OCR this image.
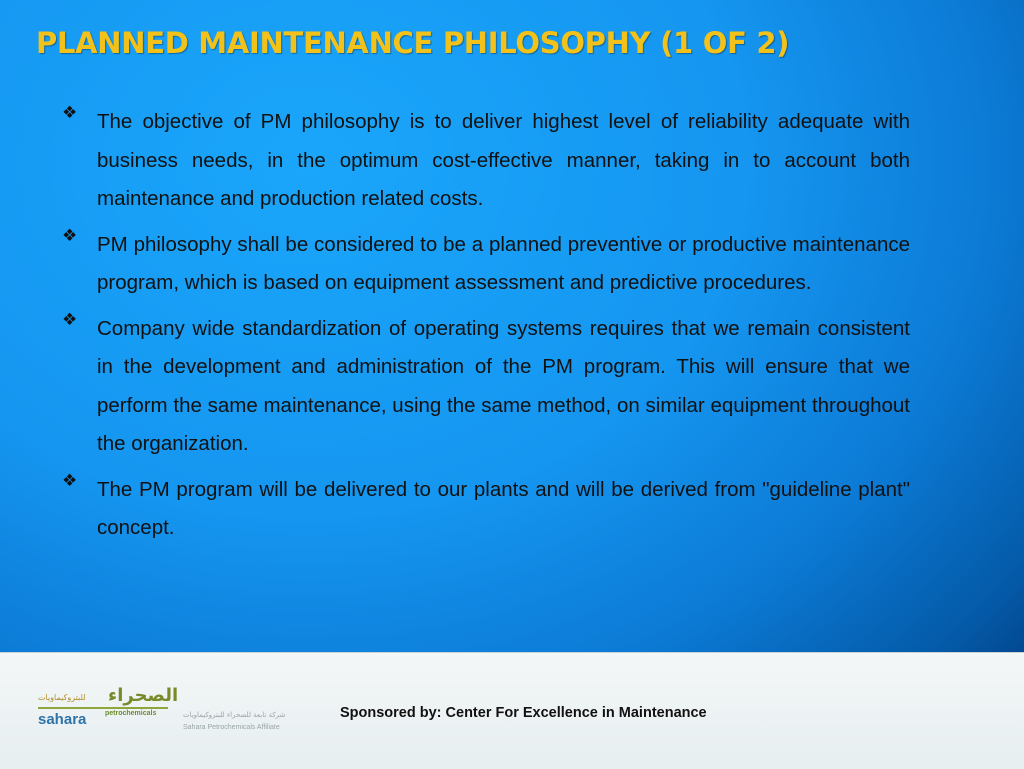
PLANNED MAINTENANCE PHILOSOPHY (1 OF 2)
❖ The objective of PM philosophy is to deliver highest level of reliability adequate with business needs, in the optimum cost-effective manner, taking in to account both maintenance and production related costs.

❖ PM philosophy shall be considered to be a planned preventive or productive maintenance program, which is based on equipment assessment and predictive procedures.

❖ Company wide standardization of operating systems requires that we remain consistent in the development and administration of the PM program. This will ensure that we perform the same maintenance, using the same method, on similar equipment throughout the organization.

❖ The PM program will be delivered to our plants and will be derived from "guideline plant" concept.

للبتروكيماويات الصحراء
sahara	petrochemicals	شركة تابعة للصحراء للبتروكيماويات
Sahara Petrochemicals Affiliate
Sponsored by: Center For Excellence in Maintenance
